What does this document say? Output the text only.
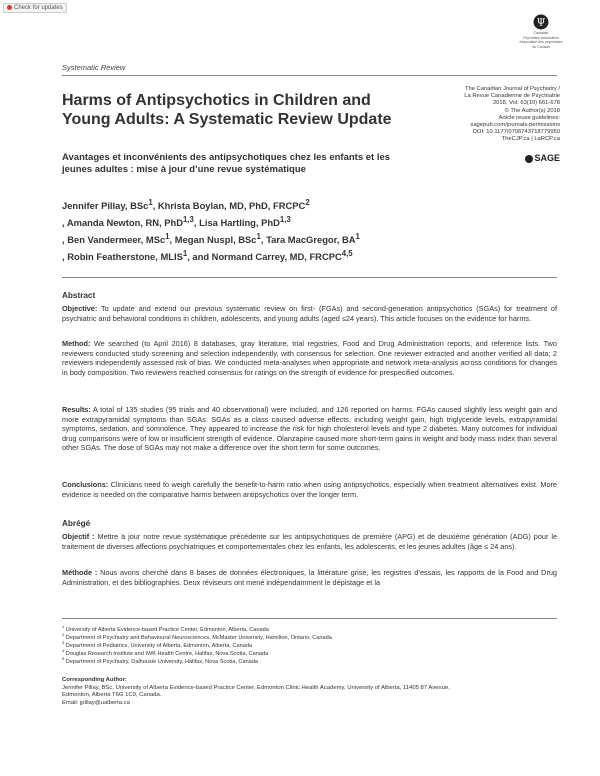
Check for updates
Ψ
Canadian
Psychiatric Association
Association des psychiatres
du Canada
Systematic Review
Harms of Antipsychotics in Children and Young Adults: A Systematic Review Update
Avantages et inconvénients des antipsychotiques chez les enfants et les jeunes adultes : mise à jour d’une revue systématique
The Canadian Journal of Psychiatry /
La Revue Canadienne de Psychiatrie
2018, Vol. 63(10) 661-678
© The Author(s) 2018
Article reuse guidelines:
sagepub.com/journals-permissions
DOI: 10.1177/0706743718779950
TheCJP.ca | LaRCP.ca
SAGE
Jennifer Pillay, BSc$^1$, Khrista Boylan, MD, PhD, FRCPC$^2$
, Amanda Newton, RN, PhD$^{1,3}$, Lisa Hartling, PhD$^{1,3}$
, Ben Vandermeer, MSc$^1$, Megan Nuspl, BSc$^1$, Tara MacGregor, $BA^1$
, Robin Featherstone, MLIS$^1$, and Normand Carrey, MD, FRCPC$^{4,5}$
Abstract
Objective: To update and extend our previous systematic review on first- (FGAs) and second-generation antipsychotics (SGAs) for treatment of psychiatric and behavioral conditions in children, adolescents, and young adults (aged ≤24 years). This article focuses on the evidence for harms.
Method: We searched (to April 2016) 8 databases, gray literature, trial registries, Food and Drug Administration reports, and reference lists. Two reviewers conducted study screening and selection independently, with consensus for selection. One reviewer extracted and another verified all data; 2 reviewers independently assessed risk of bias. We conducted meta-analyses when appropriate and network meta-analysis across conditions for changes in body composition. Two reviewers reached consensus for ratings on the strength of evidence for prespecified outcomes.
Results: A total of 135 studies (95 trials and 40 observational) were included, and 126 reported on harms. FGAs caused slightly less weight gain and more extrapyramidal symptoms than SGAs. SGAs as a class caused adverse effects, including weight gain, high triglyceride levels, extrapyramidal symptoms, sedation, and somnolence. They appeared to increase the risk for high cholesterol levels and type 2 diabetes. Many outcomes for individual drug comparisons were of low or insufficient strength of evidence. Olanzapine caused more short-term gains in weight and body mass index than several other SGAs. The dose of SGAs may not make a difference over the short term for some outcomes.
Conclusions: Clinicians need to weigh carefully the benefit-to-harm ratio when using antipsychotics, especially when treatment alternatives exist. More evidence is needed on the comparative harms between antipsychotics over the longer term.
Abrégé
Objectif : Mettre à jour notre revue systématique précédente sur les antipsychotiques de première (APG) et de deuxième génération (ADG) pour le traitement de diverses affections psychiatriques et comportementales chez les enfants, les adolescents, et les jeunes adultes (âge ≤ 24 ans).
Méthode : Nous avons cherché dans 8 bases de données électroniques, la littérature grise, les registres d’essais, les rapports de la Food and Drug Administration, et des bibliographies. Deux réviseurs ont mené indépendamment le dépistage et la
$^1$ University of Alberta Evidence-based Practice Center, Edmonton, Alberta, Canada
$^2$ Department of Psychiatry and Behavioural Neurosciences, McMaster University, Hamilton, Ontario, Canada
$^3$ Department of Pediatrics, University of Alberta, Edmonton, Alberta, Canada
$^4$ Douglas Research Institute and IWK Health Centre, Halifax, Nova Scotia, Canada
$^5$ Department of Psychiatry, Dalhousie University, Halifax, Nova Scotia, Canada
Corresponding Author:
Jennifer Pillay, BSc, University of Alberta Evidence-based Practice Center, Edmonton Clinic Health Academy, University of Alberta, 11405 87 Avenue,
Edmonton, Alberta T6G 1C9, Canada.
Email: jpillay@ualberta.ca
